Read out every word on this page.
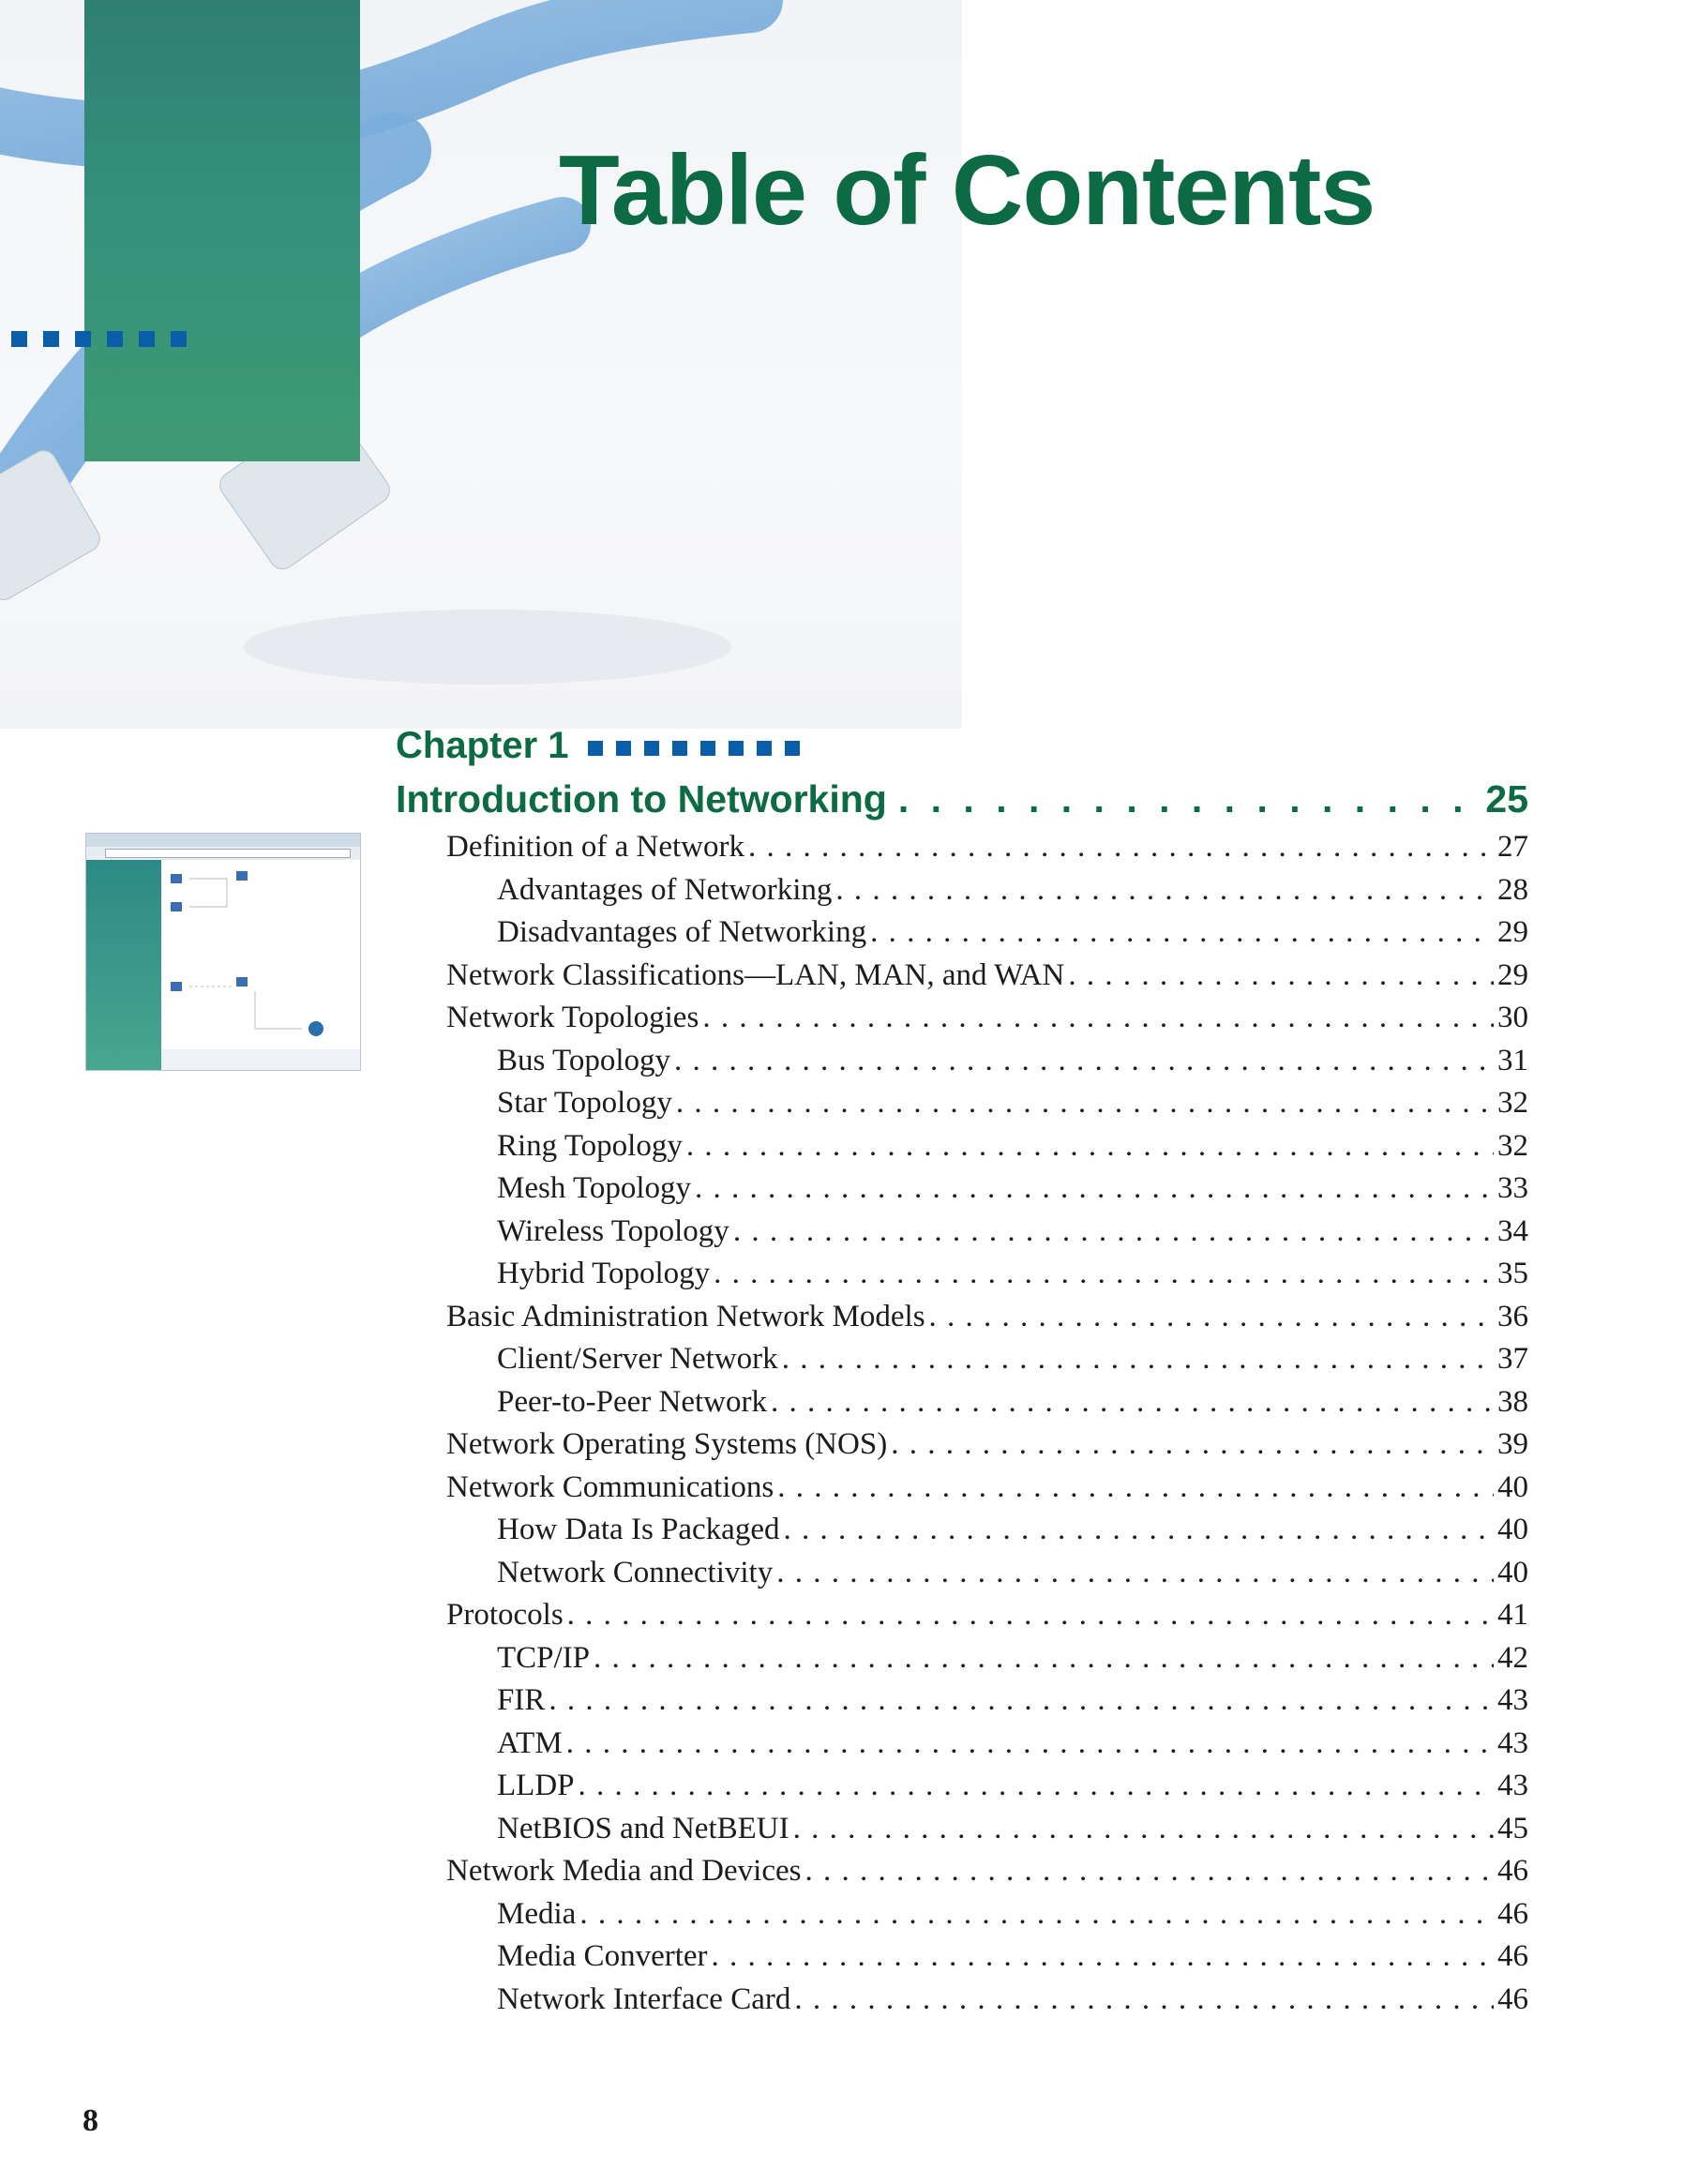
Table of Contents
Chapter 1
Introduction to Networking . . .	25
Definition of a Network . . .	27
Advantages of Networking . . .	28
Disadvantages of Networking . . .	29
Network Classifications—LAN, MAN, and WAN . . .	29
Network Topologies . . .	30
Bus Topology . . .	31
Star Topology . . .	32
Ring Topology . . .	32
Mesh Topology . . .	33
Wireless Topology . . .	34
Hybrid Topology . . .	35
Basic Administration Network Models . . .	36
Client/Server Network . . .	37
Peer-to-Peer Network . . .	38
Network Operating Systems (NOS) . . .	39
Network Communications . . .	40
How Data Is Packaged . . .	40
Network Connectivity . . .	40
Protocols . . .	41
TCP/IP . . .	42
FIR . . .	43
ATM . . .	43
LLDP . . .	43
NetBIOS and NetBEUI . . .	45
Network Media and Devices . . .	46
Media . . .	46
Media Converter . . .	46
Network Interface Card . . .	46
8
